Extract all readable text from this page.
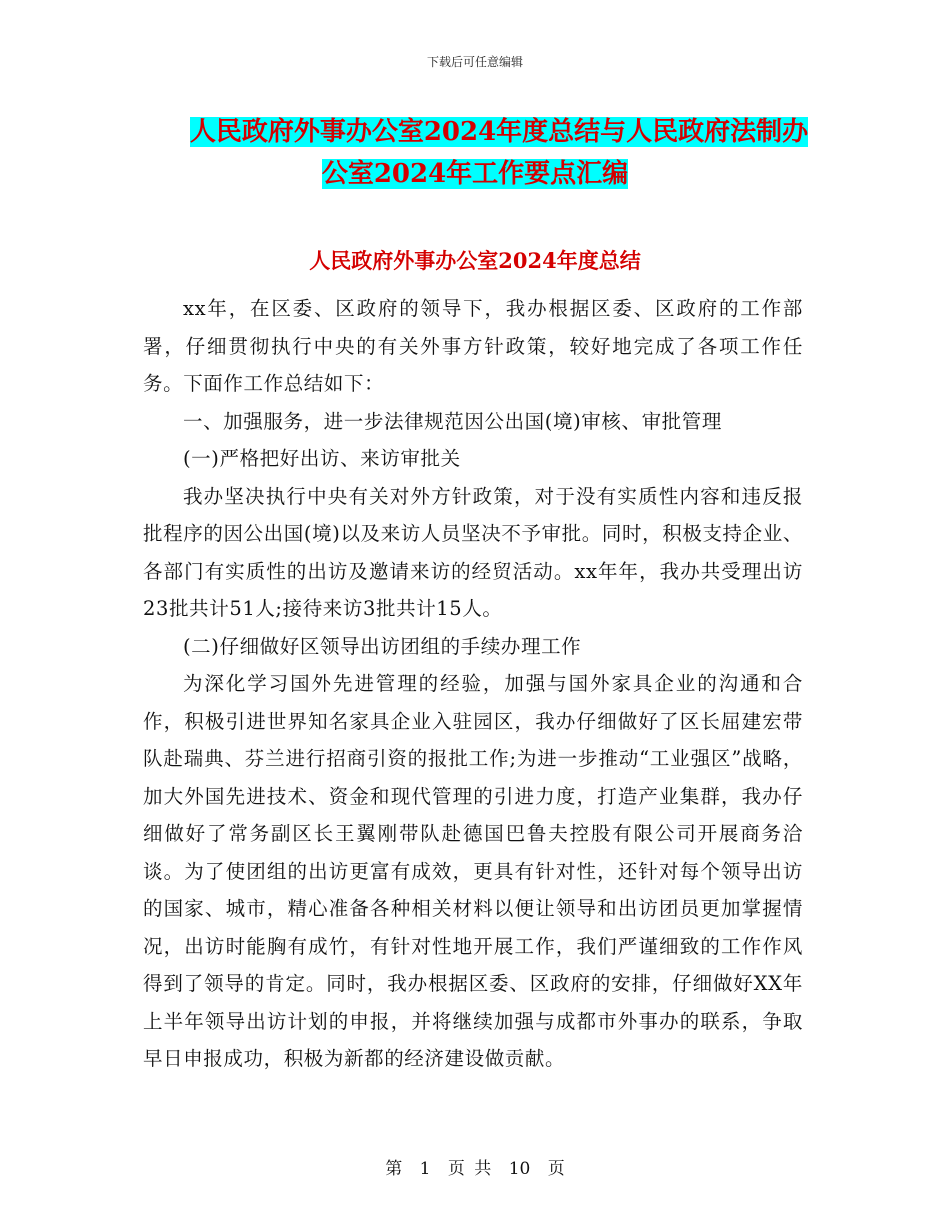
下载后可任意编辑
人民政府外事办公室2024年度总结与人民政府法制办
公室2024年工作要点汇编
人民政府外事办公室2024年度总结

xx年，在区委、区政府的领导下，我办根据区委、区政府的工作部署，仔细贯彻执行中央的有关外事方针政策，较好地完成了各项工作任务。下面作工作总结如下：

一、加强服务，进一步法律规范因公出国(境)审核、审批管理

(一)严格把好出访、来访审批关

我办坚决执行中央有关对外方针政策，对于没有实质性内容和违反报批程序的因公出国(境)以及来访人员坚决不予审批。同时，积极支持企业、各部门有实质性的出访及邀请来访的经贸活动。xx年年，我办共受理出访23批共计51人;接待来访3批共计15人。

(二)仔细做好区领导出访团组的手续办理工作

为深化学习国外先进管理的经验，加强与国外家具企业的沟通和合作，积极引进世界知名家具企业入驻园区，我办仔细做好了区长屈建宏带队赴瑞典、芬兰进行招商引资的报批工作;为进一步推动“工业强区”战略，加大外国先进技术、资金和现代管理的引进力度，打造产业集群，我办仔细做好了常务副区长王翼刚带队赴德国巴鲁夫控股有限公司开展商务洽谈。为了使团组的出访更富有成效，更具有针对性，还针对每个领导出访的国家、城市，精心准备各种相关材料以便让领导和出访团员更加掌握情况，出访时能胸有成竹，有针对性地开展工作，我们严谨细致的工作作风得到了领导的肯定。同时，我办根据区委、区政府的安排，仔细做好XX年上半年领导出访计划的申报，并将继续加强与成都市外事办的联系，争取早日申报成功，积极为新都的经济建设做贡献。

第 1 页 共 10 页
